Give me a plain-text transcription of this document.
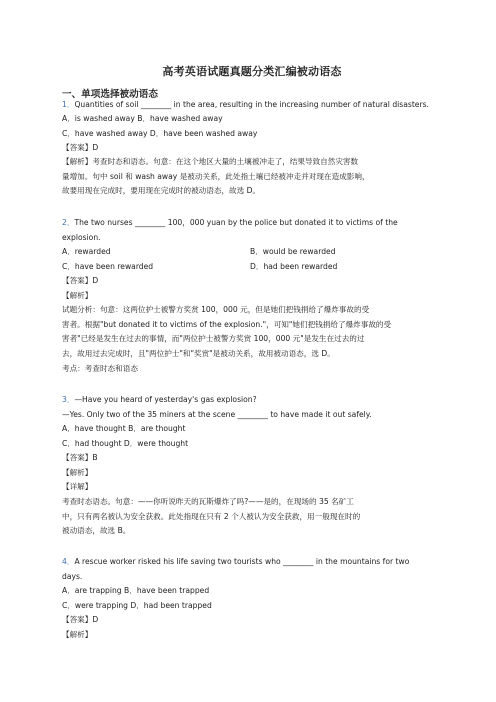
高考英语试题真题分类汇编被动语态
一、单项选择被动语态
1．Quantities of soil ________ in the area, resulting in the increasing number of natural disasters.
A．is washed away B．have washed away
C．have washed away D．have been washed away
【答案】D
【解析】考查时态和语态。句意：在这个地区大量的土壤被冲走了，结果导致自然灾害数
量增加。句中 soil 和 wash away 是被动关系，此处指土壤已经被冲走并对现在造成影响，
故要用现在完成时，要用现在完成时的被动语态，故选 D。
2．The two nurses ________ 100，000 yuan by the police but donated it to victims of the
explosion.
A．rewarded	B．would be rewarded
C．have been rewarded	D．had been rewarded
【答案】D
【解析】
试题分析：句意：这两位护士被警方奖赏 100，000 元，但是她们把钱捐给了爆炸事故的受
害者。根据"but donated it to victims of the explosion."，可知"她们把钱捐给了爆炸事故的受
害者"已经是发生在过去的事情，而"两位护士被警方奖赏 100，000 元"是发生在过去的过
去，故用过去完成时，且"两位护士"和"奖赏"是被动关系，故用被动语态，选 D。
考点：考查时态和语态
3．—Have you heard of yesterday's gas explosion?
—Yes. Only two of the 35 miners at the scene ________ to have made it out safely.
A．have thought B．are thought
C．had thought D．were thought
【答案】B
【解析】
【详解】
考查时态语态。句意：——你听说昨天的瓦斯爆炸了吗?——是的，在现场的 35 名矿工
中，只有两名被认为安全获救。此处指现在只有 2 个人被认为安全获救，用一般现在时的
被动语态，故选 B。
4．A rescue worker risked his life saving two tourists who ________ in the mountains for two
days.
A．are trapping B．have been trapped
C．were trapping D．had been trapped
【答案】D
【解析】
